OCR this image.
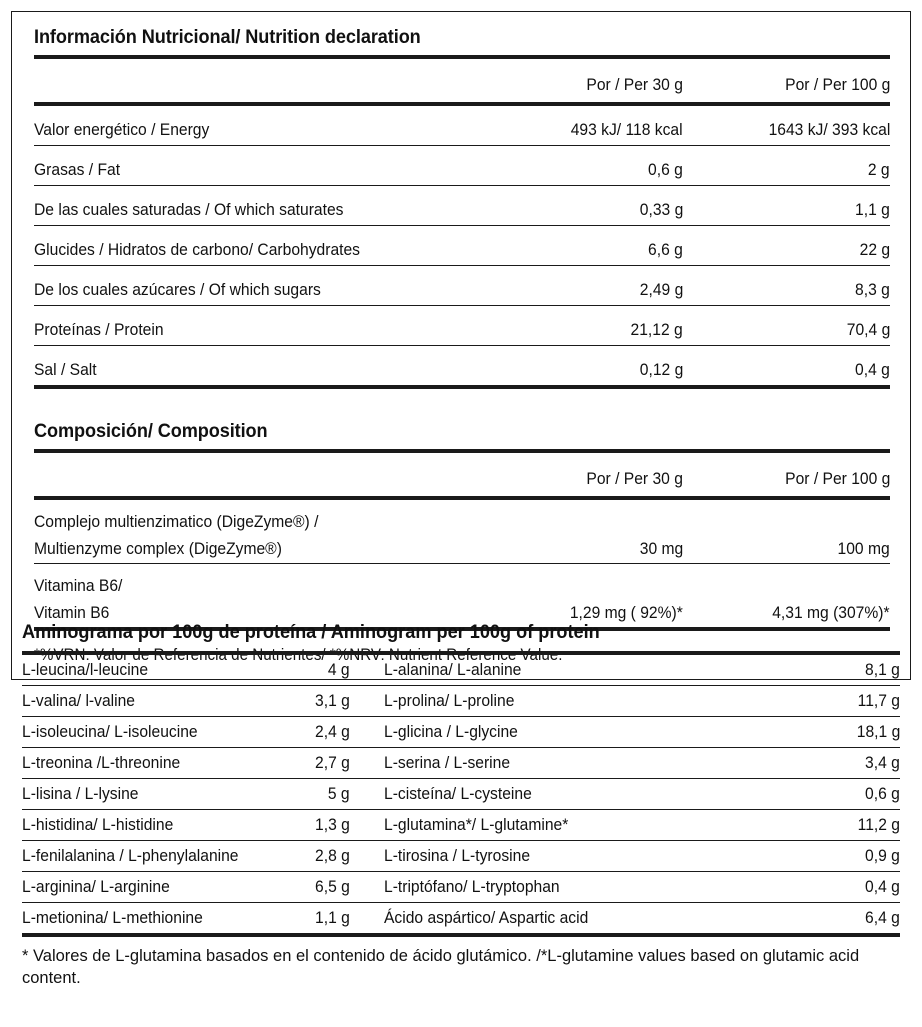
Información Nutricional/ Nutrition declaration

	Por / Per 30 g	Por / Per 100 g

Valor energético / Energy	493 kJ/ 118 kcal	1643 kJ/ 393 kcal

Grasas / Fat	0,6 g	2 g

De las cuales saturadas / Of which saturates	0,33 g	1,1 g

Glucides / Hidratos de carbono/ Carbohydrates	6,6 g	22 g

De los cuales azúcares / Of which sugars	2,49 g	8,3 g

Proteínas / Protein	21,12 g	70,4 g

Sal / Salt	0,12 g	0,4 g

Composición/ Composition

	Por / Per 30 g	Por / Per 100 g

Complejo multienzimatico (DigeZyme®) /		
Multienzyme complex (DigeZyme®)	30 mg	100 mg

Vitamina B6/		
Vitamin B6	1,29 mg ( 92%)*	4,31 mg (307%)*

*%VRN: Valor de Referencia de Nutrientes/ *%NRV: Nutrient Reference Value.
Aminograma por 100g de proteína / Aminogram per 100g of protein
L-leucina/l-leucine	4 g	L-alanina/ L-alanine	8,1 g
L-valina/ l-valine	3,1 g	L-prolina/ L-proline	11,7 g
L-isoleucina/ L-isoleucine	2,4 g	L-glicina / L-glycine	18,1 g
L-treonina /L-threonine	2,7 g	L-serina / L-serine	3,4 g
L-lisina / L-lysine	5 g	L-cisteína/ L-cysteine	0,6 g
L-histidina/ L-histidine	1,3 g	L-glutamina*/ L-glutamine*	11,2 g
L-fenilalanina / L-phenylalanine	2,8 g	L-tirosina / L-tyrosine	0,9 g
L-arginina/ L-arginine	6,5 g	L-triptófano/ L-tryptophan	0,4 g
L-metionina/ L-methionine	1,1 g	Ácido aspártico/ Aspartic acid	6,4 g
* Valores de L-glutamina basados en el contenido de ácido glutámico. /*L-glutamine values based on glutamic acid content.
